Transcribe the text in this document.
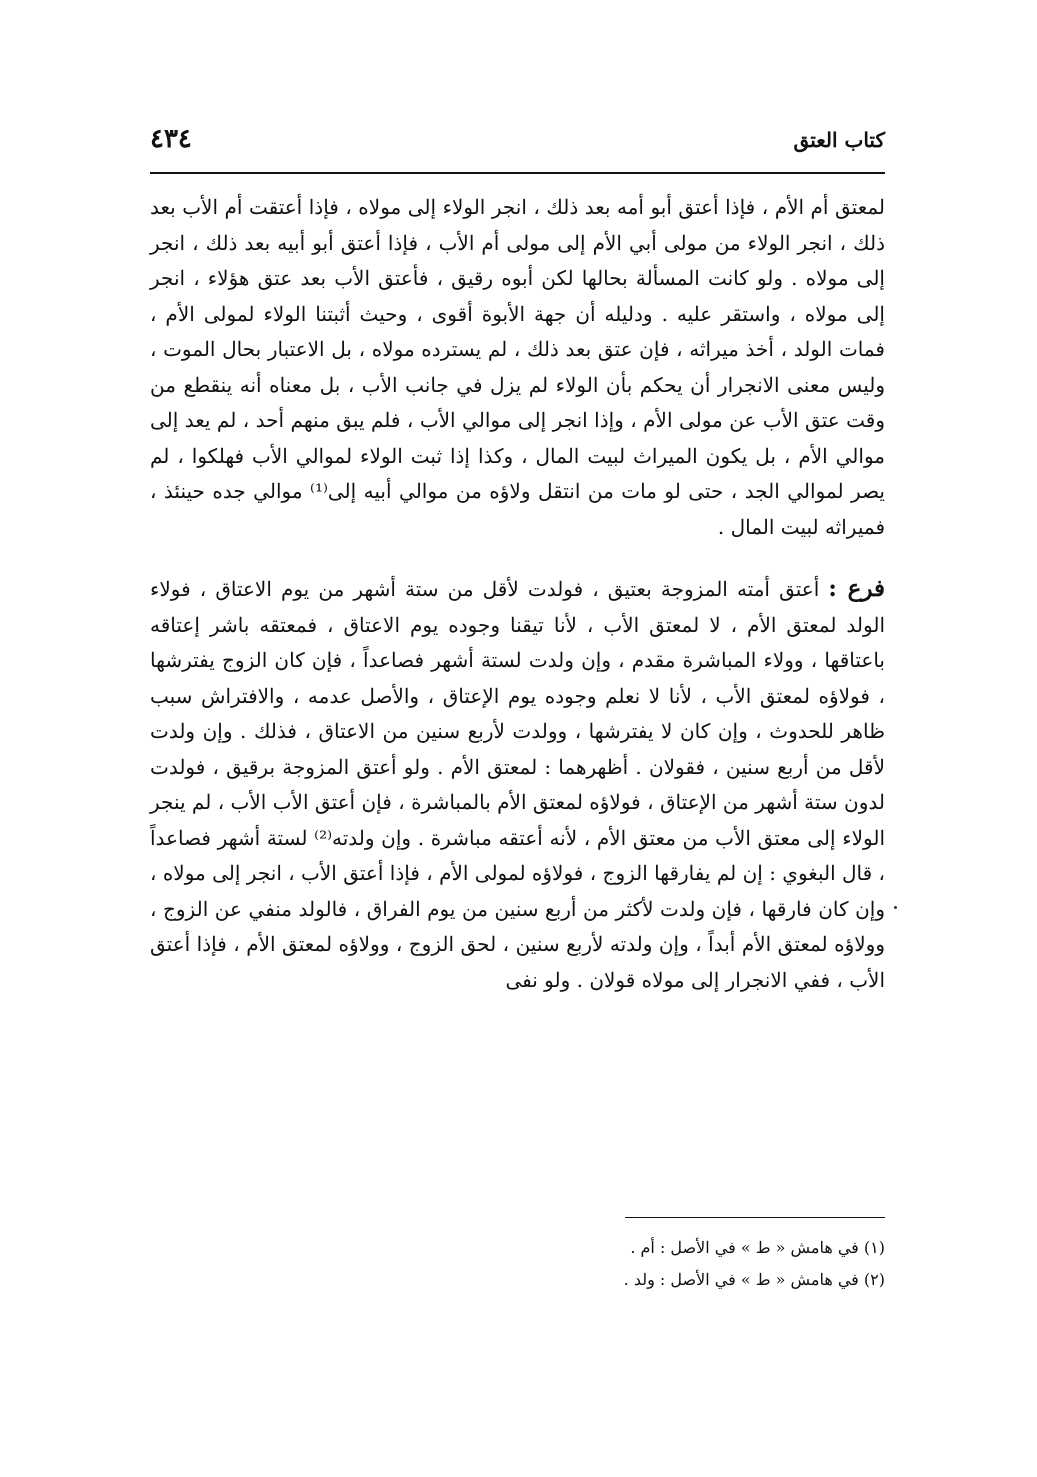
كتاب العتق
٤٣٤

لمعتق أم الأم ، فإذا أعتق أبو أمه بعد ذلك ، انجر الولاء إلى مولاه ، فإذا أعتقت أم الأب بعد ذلك ، انجر الولاء من مولى أبي الأم إلى مولى أم الأب ، فإذا أعتق أبو أبيه بعد ذلك ، انجر إلى مولاه . ولو كانت المسألة بحالها لكن أبوه رقيق ، فأعتق الأب بعد عتق هؤلاء ، انجر إلى مولاه ، واستقر عليه . ودليله أن جهة الأبوة أقوى ، وحيث أثبتنا الولاء لمولى الأم ، فمات الولد ، أخذ ميراثه ، فإن عتق بعد ذلك ، لم يسترده مولاه ، بل الاعتبار بحال الموت ، وليس معنى الانجرار أن يحكم بأن الولاء لم يزل في جانب الأب ، بل معناه أنه ينقطع من وقت عتق الأب عن مولى الأم ، وإذا انجر إلى موالي الأب ، فلم يبق منهم أحد ، لم يعد إلى موالي الأم ، بل يكون الميراث لبيت المال ، وكذا إذا ثبت الولاء لموالي الأب فهلكوا ، لم يصر لموالي الجد ، حتى لو مات من انتقل ولاؤه من موالي أبيه إلى⁽¹⁾ موالي جده حينئذ ، فميراثه لبيت المال .

فرع : أعتق أمته المزوجة بعتيق ، فولدت لأقل من ستة أشهر من يوم الاعتاق ، فولاء الولد لمعتق الأم ، لا لمعتق الأب ، لأنا تيقنا وجوده يوم الاعتاق ، فمعتقه باشر إعتاقه باعتاقها ، وولاء المباشرة مقدم ، وإن ولدت لستة أشهر فصاعداً ، فإن كان الزوج يفترشها ، فولاؤه لمعتق الأب ، لأنا لا نعلم وجوده يوم الإعتاق ، والأصل عدمه ، والافتراش سبب ظاهر للحدوث ، وإن كان لا يفترشها ، وولدت لأربع سنين من الاعتاق ، فذلك . وإن ولدت لأقل من أربع سنين ، فقولان . أظهرهما : لمعتق الأم . ولو أعتق المزوجة برقيق ، فولدت لدون ستة أشهر من الإعتاق ، فولاؤه لمعتق الأم بالمباشرة ، فإن أعتق الأب الأب ، لم ينجر الولاء إلى معتق الأب من معتق الأم ، لأنه أعتقه مباشرة . وإن ولدته⁽²⁾ لستة أشهر فصاعداً ، قال البغوي : إن لم يفارقها الزوج ، فولاؤه لمولى الأم ، فإذا أعتق الأب ، انجر إلى مولاه ، وإن كان فارقها ، فإن ولدت لأكثر من أربع سنين من يوم الفراق ، فالولد منفي عن الزوج ، وولاؤه لمعتق الأم أبداً ، وإن ولدته لأربع سنين ، لحق الزوج ، وولاؤه لمعتق الأم ، فإذا أعتق الأب ، ففي الانجرار إلى مولاه قولان . ولو نفى

(١) في هامش « ط » في الأصل : أم .

(٢) في هامش « ط » في الأصل : ولد .
